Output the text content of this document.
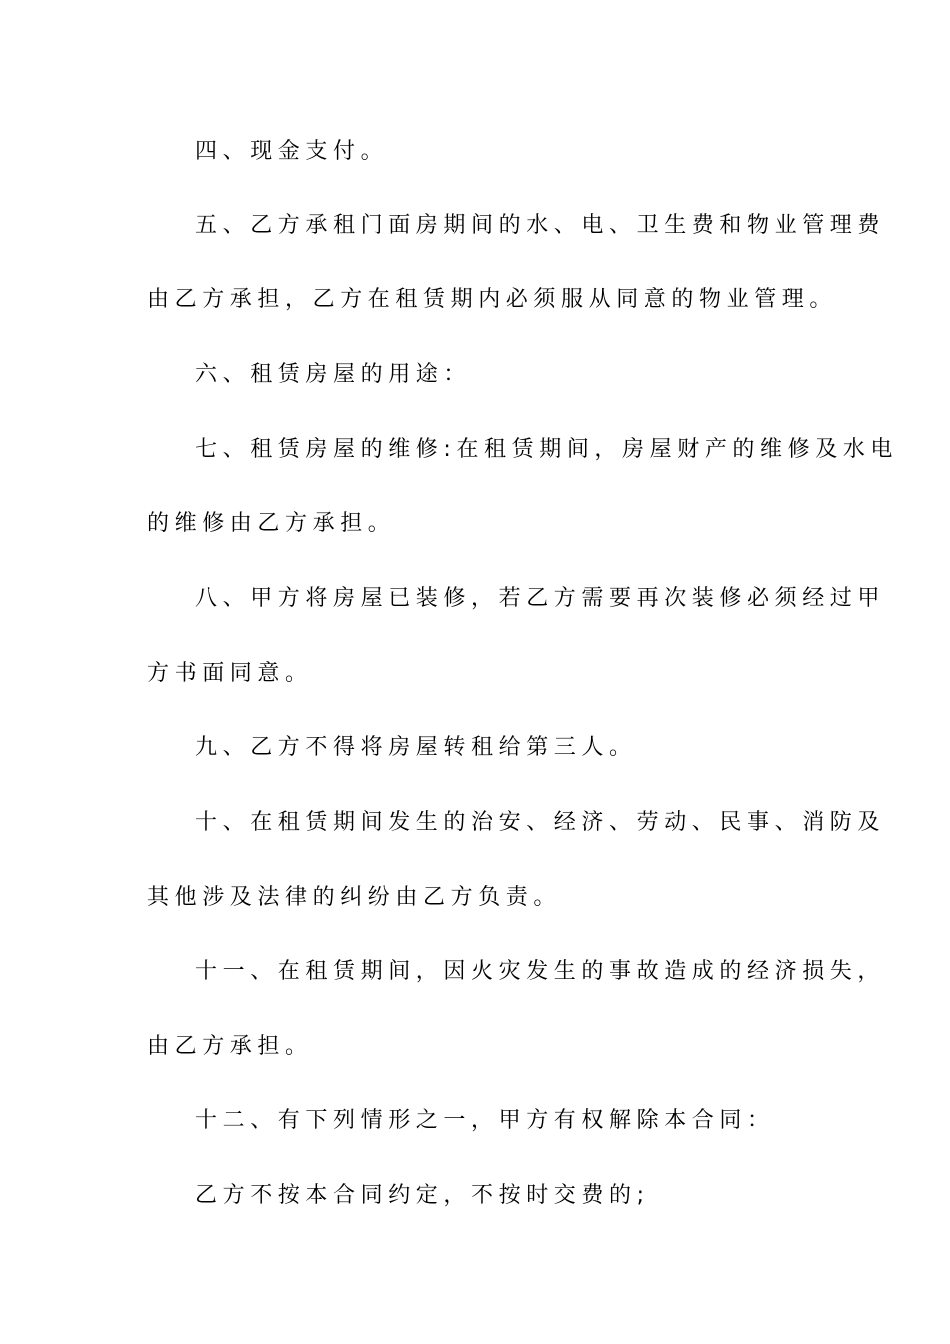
四、现金支付。
五、乙方承租门面房期间的水、电、卫生费和物业管理费
由乙方承担，乙方在租赁期内必须服从同意的物业管理。
六、租赁房屋的用途：
七、租赁房屋的维修:在租赁期间，房屋财产的维修及水电
的维修由乙方承担。
八、甲方将房屋已装修，若乙方需要再次装修必须经过甲
方书面同意。
九、乙方不得将房屋转租给第三人。
十、在租赁期间发生的治安、经济、劳动、民事、消防及
其他涉及法律的纠纷由乙方负责。
十一、在租赁期间，因火灾发生的事故造成的经济损失，
由乙方承担。
十二、有下列情形之一，甲方有权解除本合同：
乙方不按本合同约定，不按时交费的;
